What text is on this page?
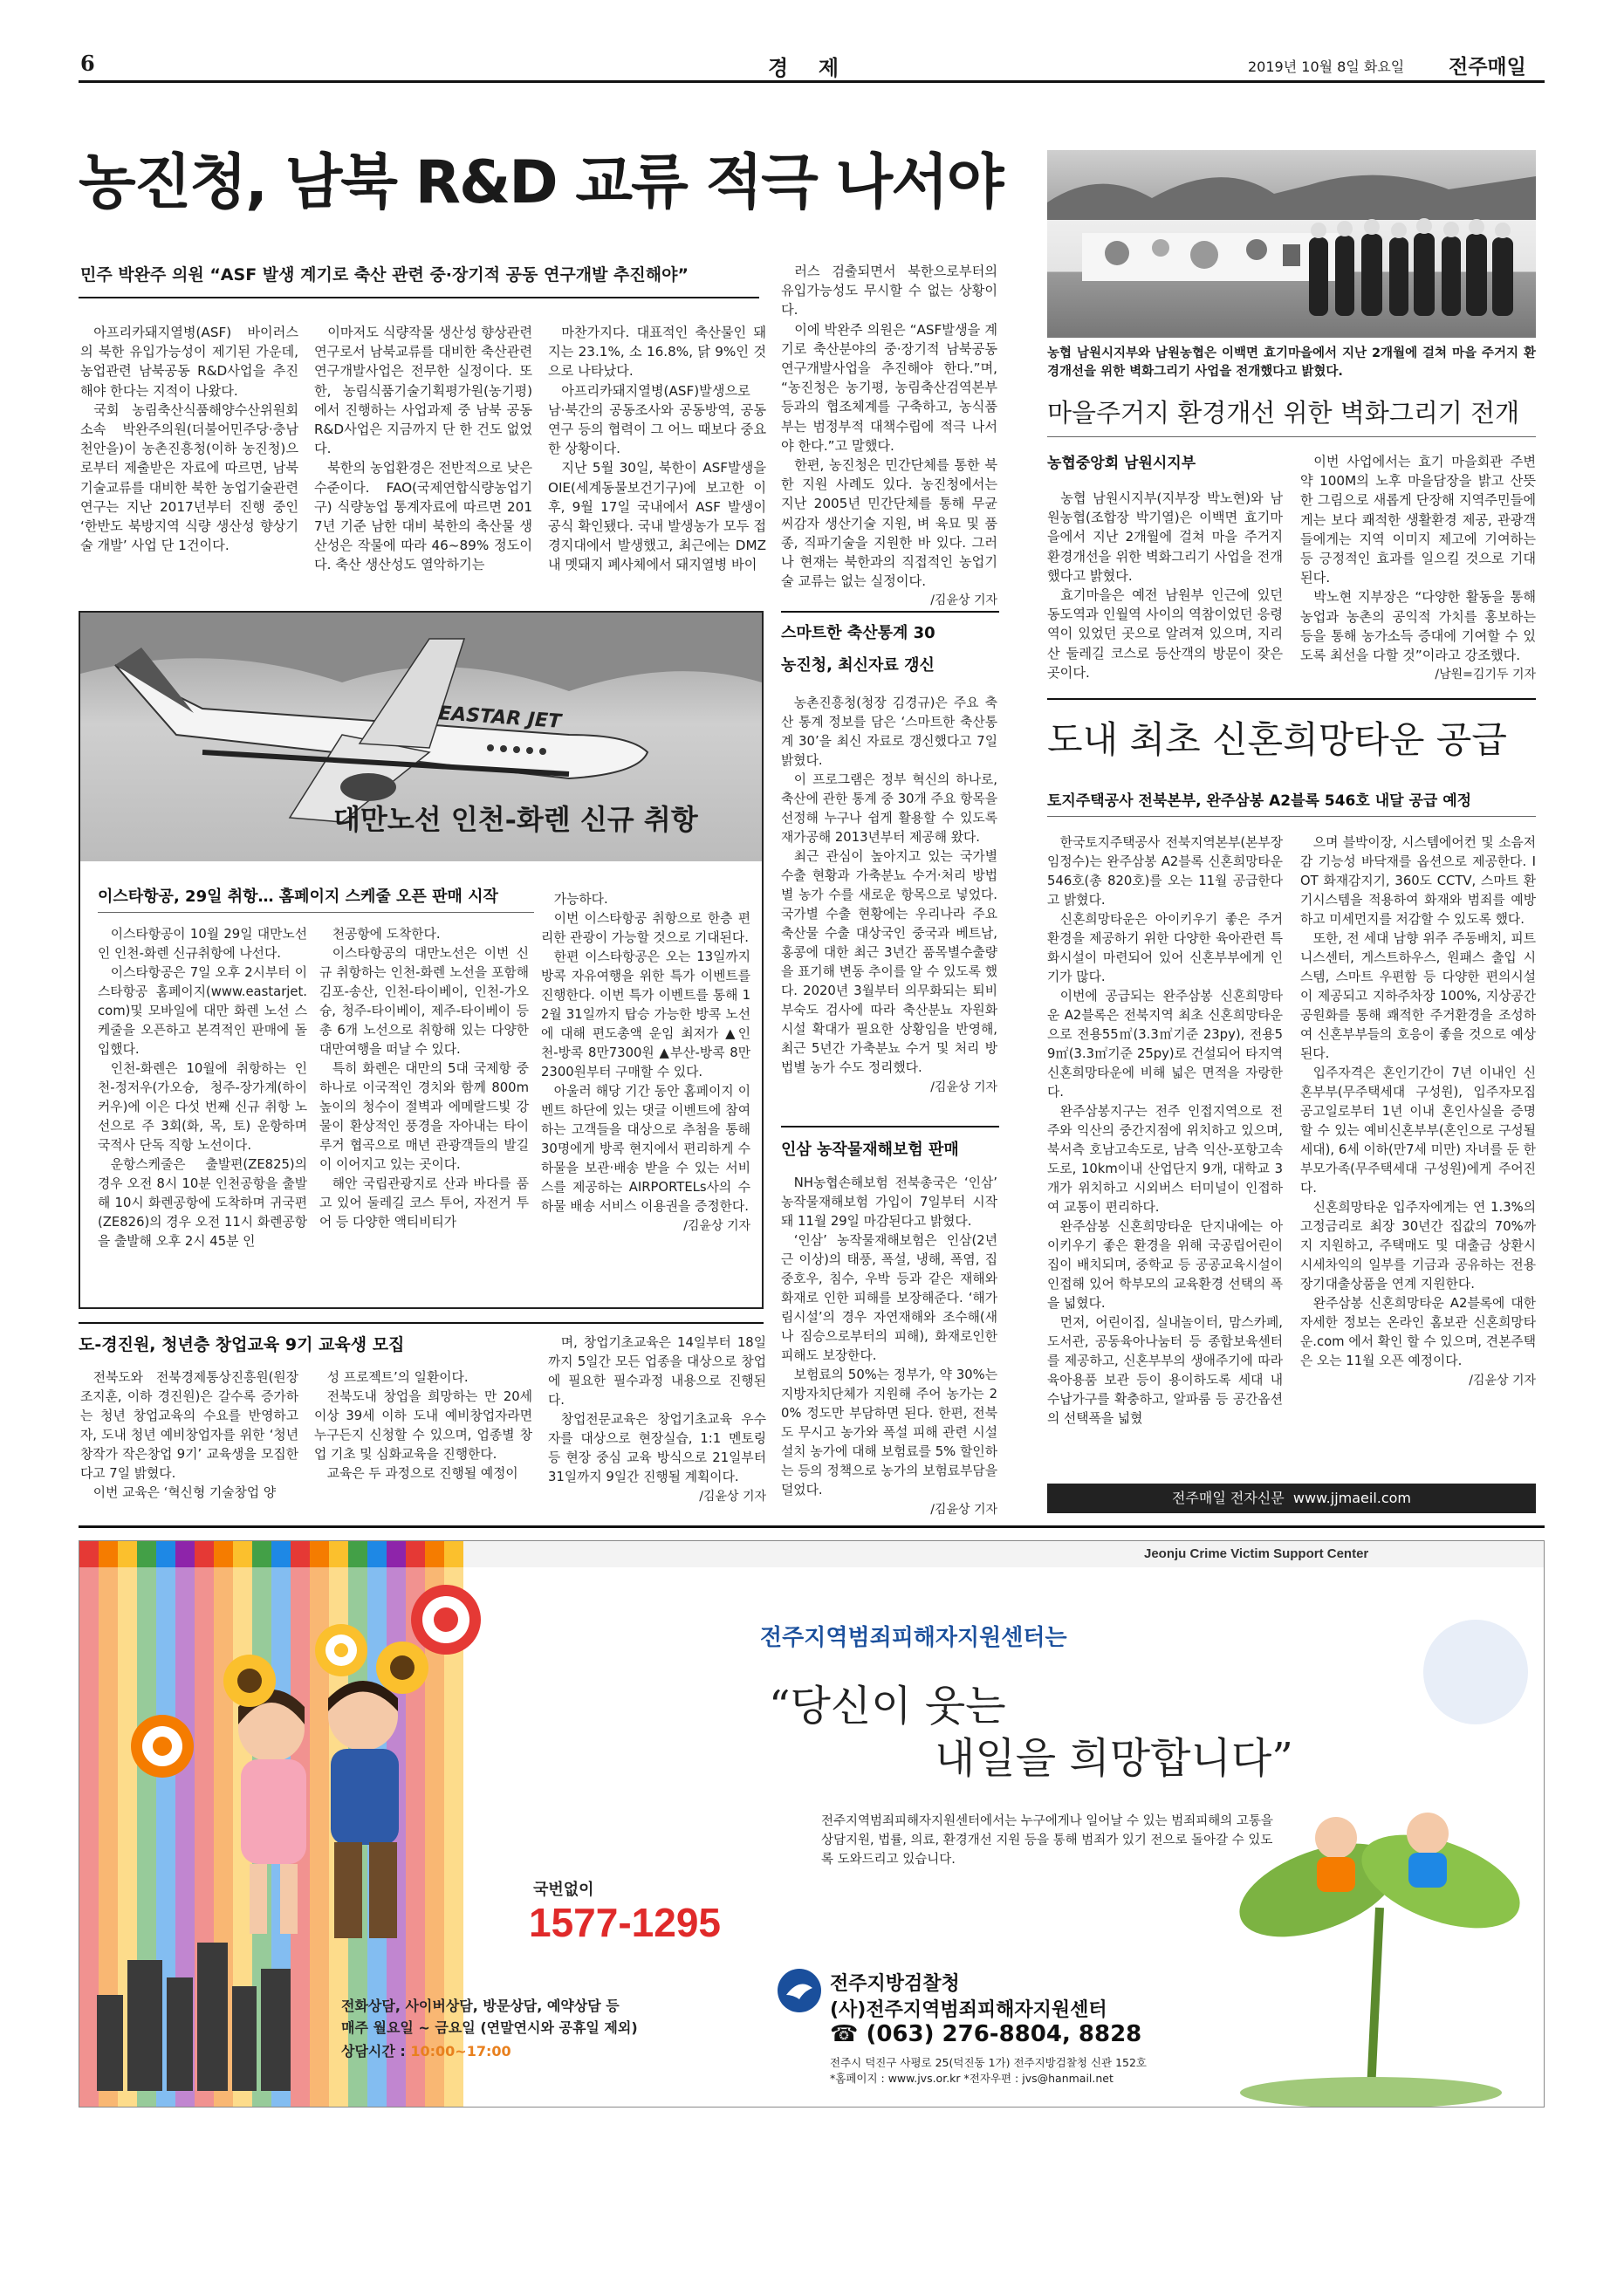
6	경  제	2019년 10월 8일 화요일 전주매일
농진청, 남북 R&D 교류 적극 나서야
민주 박완주 의원 “ASF 발생 계기로 축산 관련 중·장기적 공동 연구개발 추진해야”

아프리카돼지열병(ASF) 바이러스의 북한 유입가능성이 제기된 가운데, 농업관련 남북공동 R&D사업을 추진해야 한다는 지적이 나왔다.

국회 농림축산식품해양수산위원회 소속 박완주의원(더불어민주당·충남 천안을)이 농촌진흥청(이하 농진청)으로부터 제출받은 자료에 따르면, 남북기술교류를 대비한 북한 농업기술관련 연구는 지난 2017년부터 진행 중인 ‘한반도 북방지역 식량 생산성 향상기술 개발’ 사업 단 1건이다.

이마저도 식량작물 생산성 향상관련 연구로서 남북교류를 대비한 축산관련 연구개발사업은 전무한 실정이다. 또한, 농림식품기술기획평가원(농기평)에서 진행하는 사업과제 중 남북 공동 R&D사업은 지금까지 단 한 건도 없었다.

북한의 농업환경은 전반적으로 낮은 수준이다. FAO(국제연합식량농업기구) 식량농업 통계자료에 따르면 2017년 기준 남한 대비 북한의 축산물 생산성은 작물에 따라 46~89% 정도이다. 축산 생산성도 열악하기는

마찬가지다. 대표적인 축산물인 돼지는 23.1%, 소 16.8%, 닭 9%인 것으로 나타났다.

아프리카돼지열병(ASF)발생으로 남·북간의 공동조사와 공동방역, 공동연구 등의 협력이 그 어느 때보다 중요한 상황이다.

지난 5월 30일, 북한이 ASF발생을 OIE(세계동물보건기구)에 보고한 이후, 9월 17일 국내에서 ASF 발생이 공식 확인됐다. 국내 발생농가 모두 접경지대에서 발생했고, 최근에는 DMZ 내 멧돼지 폐사체에서 돼지열병 바이

러스 검출되면서 북한으로부터의 유입가능성도 무시할 수 없는 상황이다.

이에 박완주 의원은 “ASF발생을 계기로 축산분야의 중·장기적 남북공동 연구개발사업을 추진해야 한다.”며, “농진청은 농기평, 농림축산검역본부 등과의 협조체계를 구축하고, 농식품부는 범정부적 대책수립에 적극 나서야 한다.”고 말했다.

한편, 농진청은 민간단체를 통한 북한 지원 사례도 있다. 농진청에서는 지난 2005년 민간단체를 통해 무균 씨감자 생산기술 지원, 벼 육묘 및 품종, 직파기술을 지원한 바 있다. 그러나 현재는 북한과의 직접적인 농업기술 교류는 없는 실정이다.

/김윤상 기자
농협 남원시지부와 남원농협은 이백면 효기마을에서 지난 2개월에 걸쳐 마을 주거지 환경개선을 위한 벽화그리기 사업을 전개했다고 밝혔다.
마을주거지 환경개선 위한 벽화그리기 전개
농협중앙회 남원시지부

농협 남원시지부(지부장 박노현)와 남원농협(조합장 박기열)은 이백면 효기마을에서 지난 2개월에 걸쳐 마을 주거지 환경개선을 위한 벽화그리기 사업을 전개했다고 밝혔다.

효기마을은 예전 남원부 인근에 있던 동도역과 인월역 사이의 역참이었던 응령역이 있었던 곳으로 알려져 있으며, 지리산 둘레길 코스로 등산객의 방문이 잦은 곳이다.

이번 사업에서는 효기 마을회관 주변 약 100M의 노후 마을담장을 밝고 산뜻한 그림으로 새롭게 단장해 지역주민들에게는 보다 쾌적한 생활환경 제공, 관광객들에게는 지역 이미지 제고에 기여하는 등 긍정적인 효과를 일으킬 것으로 기대된다.

박노현 지부장은 “다양한 활동을 통해 농업과 농촌의 공익적 가치를 홍보하는 등을 통해 농가소득 증대에 기여할 수 있도록 최선을 다할 것”이라고 강조했다.

/남원=김기두 기자
EASTAR JET
대만노선 인천-화렌 신규 취항
이스타항공, 29일 취항… 홈페이지 스케줄 오픈 판매 시작

이스타항공이 10월 29일 대만노선인 인천-화렌 신규취항에 나선다.

이스타항공은 7일 오후 2시부터 이스타항공 홈페이지(www.eastarjet.com)및 모바일에 대만 화렌 노선 스케줄을 오픈하고 본격적인 판매에 돌입했다.

인천-화렌은 10월에 취항하는 인천-정저우(가오슝, 청주-장가계(하이커우)에 이은 다섯 번째 신규 취항 노선으로 주 3회(화, 목, 토) 운항하며 국적사 단독 직항 노선이다.

운항스케줄은 출발편(ZE825)의 경우 오전 8시 10분 인천공항을 출발해 10시 화렌공항에 도착하며 귀국편(ZE826)의 경우 오전 11시 화렌공항을 출발해 오후 2시 45분 인

천공항에 도착한다.

이스타항공의 대만노선은 이번 신규 취항하는 인천-화렌 노선을 포함해 김포-송산, 인천-타이베이, 인천-가오슝, 청주-타이베이, 제주-타이베이 등 총 6개 노선으로 취항해 있는 다양한 대만여행을 떠날 수 있다.

특히 화렌은 대만의 5대 국제항 중 하나로 이국적인 경치와 함께 800m 높이의 청수이 절벽과 에메랄드빛 강물이 환상적인 풍경을 자아내는 타이루거 협곡으로 매년 관광객들의 발길이 이어지고 있는 곳이다.

해안 국립관광지로 산과 바다를 품고 있어 둘레길 코스 투어, 자전거 투어 등 다양한 액티비티가

가능하다.

이번 이스타항공 취항으로 한층 편리한 관광이 가능할 것으로 기대된다.

한편 이스타항공은 오는 13일까지 방콕 자유여행을 위한 특가 이벤트를 진행한다. 이번 특가 이벤트를 통해 12월 31일까지 탑승 가능한 방콕 노선에 대해 편도총액 운임 최저가 ▲인천-방콕 8만7300원 ▲부산-방콕 8만2300원부터 구매할 수 있다.

아울러 해당 기간 동안 홈페이지 이벤트 하단에 있는 댓글 이벤트에 참여하는 고객들을 대상으로 추첨을 통해 30명에게 방콕 현지에서 편리하게 수하물을 보관·배송 받을 수 있는 서비스를 제공하는 AIRPORTELs사의 수하물 배송 서비스 이용권을 증정한다.

/김윤상 기자
스마트한 축산통계 30
농진청, 최신자료 갱신

농촌진흥청(청장 김경규)은 주요 축산 통계 정보를 담은 ‘스마트한 축산통계 30’을 최신 자료로 갱신했다고 7일 밝혔다.

이 프로그램은 정부 혁신의 하나로, 축산에 관한 통계 중 30개 주요 항목을 선정해 누구나 쉽게 활용할 수 있도록 재가공해 2013년부터 제공해 왔다.

최근 관심이 높아지고 있는 국가별 수출 현황과 가축분뇨 수거·처리 방법별 농가 수를 새로운 항목으로 넣었다. 국가별 수출 현황에는 우리나라 주요 축산물 수출 대상국인 중국과 베트남, 홍콩에 대한 최근 3년간 품목별수출량을 표기해 변동 추이를 알 수 있도록 했다. 2020년 3월부터 의무화되는 퇴비 부숙도 검사에 따라 축산분뇨 자원화 시설 확대가 필요한 상황임을 반영해, 최근 5년간 가축분뇨 수거 및 처리 방법별 농가 수도 정리했다.

/김윤상 기자
인삼 농작물재해보험 판매

NH농협손해보험 전북총국은 ‘인삼’ 농작물재해보험 가입이 7일부터 시작돼 11월 29일 마감된다고 밝혔다.

‘인삼’ 농작물재해보험은 인삼(2년근 이상)의 태풍, 폭설, 냉해, 폭염, 집중호우, 침수, 우박 등과 같은 재해와 화재로 인한 피해를 보장해준다. ‘해가림시설’의 경우 자연재해와 조수해(새나 짐승으로부터의 피해), 화재로인한 피해도 보장한다.

보험료의 50%는 정부가, 약 30%는 지방자치단체가 지원해 주어 농가는 20% 정도만 부담하면 된다. 한편, 전북도 무시고 농가와 폭설 피해 관련 시설 설치 농가에 대해 보험료를 5% 할인하는 등의 정책으로 농가의 보험료부담을 덜었다.

/김윤상 기자
도내 최초 신혼희망타운 공급
토지주택공사 전북본부, 완주삼봉 A2블록 546호 내달 공급 예정

한국토지주택공사 전북지역본부(본부장 임정수)는 완주삼봉 A2블록 신혼희망타운 546호(총 820호)를 오는 11월 공급한다고 밝혔다.

신혼희망타운은 아이키우기 좋은 주거환경을 제공하기 위한 다양한 육아관련 특화시설이 마련되어 있어 신혼부부에게 인기가 많다.

이번에 공급되는 완주삼봉 신혼희망타운 A2블록은 전북지역 최초 신혼희망타운으로 전용55㎡(3.3㎡기준 23py), 전용59㎡(3.3㎡기준 25py)로 건설되어 타지역 신혼희망타운에 비해 넓은 면적을 자랑한다.

완주삼봉지구는 전주 인접지역으로 전주와 익산의 중간지점에 위치하고 있으며, 북서측 호남고속도로, 남측 익산-포항고속도로, 10km이내 산업단지 9개, 대학교 3개가 위치하고 시외버스 터미널이 인접하여 교통이 편리하다.

완주삼봉 신혼희망타운 단지내에는 아이키우기 좋은 환경을 위해 국공립어린이집이 배치되며, 중학교 등 공공교육시설이 인접해 있어 학부모의 교육환경 선택의 폭을 넓혔다.

먼저, 어린이집, 실내놀이터, 맘스카페, 도서관, 공동육아나눔터 등 종합보육센터를 제공하고, 신혼부부의 생애주기에 따라 육아용품 보관 등이 용이하도록 세대 내 수납가구를 확충하고, 알파룸 등 공간옵션의 선택폭을 넓혔

으며 블박이장, 시스템에어컨 및 소음저감 기능성 바닥재를 옵션으로 제공한다. IOT 화재감지기, 360도 CCTV, 스마트 환기시스템을 적용하여 화재와 범죄를 예방하고 미세먼지를 저감할 수 있도록 했다.

또한, 전 세대 남향 위주 주동배치, 피트니스센터, 게스트하우스, 원패스 출입 시스템, 스마트 우편함 등 다양한 편의시설이 제공되고 지하주차장 100%, 지상공간 공원화를 통해 쾌적한 주거환경을 조성하여 신혼부부들의 호응이 좋을 것으로 예상된다.

입주자격은 혼인기간이 7년 이내인 신혼부부(무주택세대 구성원), 입주자모집 공고일로부터 1년 이내 혼인사실을 증명할 수 있는 예비신혼부부(혼인으로 구성될 세대), 6세 이하(만7세 미만) 자녀를 둔 한부모가족(무주택세대 구성원)에게 주어진다.

신혼희망타운 입주자에게는 연 1.3%의 고정금리로 최장 30년간 집값의 70%까지 지원하고, 주택매도 및 대출금 상환시 시세차익의 일부를 기금과 공유하는 전용 장기대출상품을 연계 지원한다.

완주삼봉 신혼희망타운 A2블록에 대한 자세한 정보는 온라인 홈보관 신혼희망타운.com 에서 확인 할 수 있으며, 견본주택은 오는 11월 오픈 예정이다.

/김윤상 기자
전주매일 전자신문  www.jjmaeil.com
도-경진원, 청년층 창업교육 9기 교육생 모집

전북도와 전북경제통상진흥원(원장 조지훈, 이하 경진원)은 갈수록 증가하는 청년 창업교육의 수요를 반영하고자, 도내 청년 예비창업자를 위한 ‘청년창작가 작은창업 9기’ 교육생을 모집한다고 7일 밝혔다.

이번 교육은 ‘혁신형 기술창업 양

성 프로젝트’의 일환이다.

전북도내 창업을 희망하는 만 20세 이상 39세 이하 도내 예비창업자라면 누구든지 신청할 수 있으며, 업종별 창업 기초 및 심화교육을 진행한다.

교육은 두 과정으로 진행될 예정이

며, 창업기초교육은 14일부터 18일까지 5일간 모든 업종을 대상으로 창업에 필요한 필수과정 내용으로 진행된다.

창업전문교육은 창업기초교육 우수자를 대상으로 현장실습, 1:1 멘토링 등 현장 중심 교육 방식으로 21일부터 31일까지 9일간 진행될 계획이다.

/김윤상 기자
Jeonju Crime Victim Support Center
전주지역범죄피해자지원센터는
“당신이 웃는
내일을 희망합니다”
전주지역범죄피해자지원센터에서는 누구에게나 일어날 수 있는 범죄피해의 고통을 상담지원, 법률, 의료, 환경개선 지원 등을 통해 범죄가 있기 전으로 돌아갈 수 있도록 도와드리고 있습니다.
국번없이
1577-1295
전화상담, 사이버상담, 방문상담, 예약상담 등
매주 월요일 ~ 금요일 (연말연시와 공휴일 제외)
상담시간 : 10:00~17:00
전주지방검찰청
(사)전주지역범죄피해자지원센터
☎ (063) 276-8804, 8828
전주시 덕진구 사평로 25(덕진동 1가) 전주지방검찰청 신관 152호
*홈페이지 : www.jvs.or.kr *전자우편 : jvs@hanmail.net
